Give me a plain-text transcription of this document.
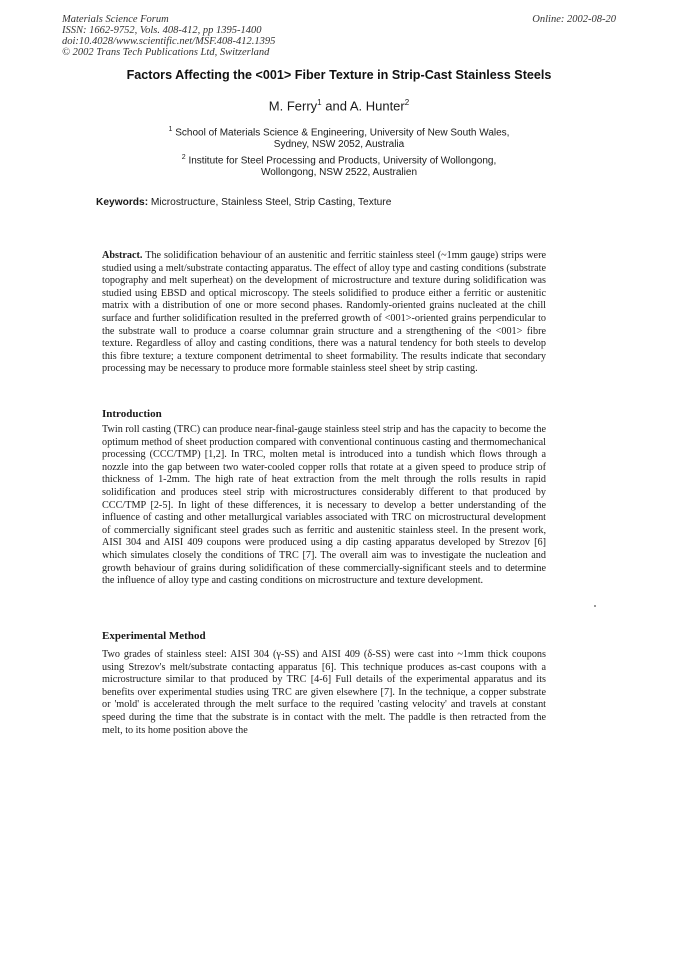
Materials Science Forum
ISSN: 1662-9752, Vols. 408-412, pp 1395-1400
doi:10.4028/www.scientific.net/MSF.408-412.1395
© 2002 Trans Tech Publications Ltd, Switzerland
Online: 2002-08-20
Factors Affecting the <001> Fiber Texture in Strip-Cast Stainless Steels
M. Ferry$^1$ and A. Hunter$^2$
$^1$ School of Materials Science & Engineering, University of New South Wales,
Sydney, NSW 2052, Australia
$^2$ Institute for Steel Processing and Products, University of Wollongong,
Wollongong, NSW 2522, Australien
Keywords: Microstructure, Stainless Steel, Strip Casting, Texture
Abstract. The solidification behaviour of an austenitic and ferritic stainless steel (~1mm gauge) strips were studied using a melt/substrate contacting apparatus. The effect of alloy type and casting conditions (substrate topography and melt superheat) on the development of microstructure and texture during solidification was studied using EBSD and optical microscopy. The steels solidified to produce either a ferritic or austenitic matrix with a distribution of one or more second phases. Randomly-oriented grains nucleated at the chill surface and further solidification resulted in the preferred growth of <001>-oriented grains perpendicular to the substrate wall to produce a coarse columnar grain structure and a strengthening of the <001> fibre texture. Regardless of alloy and casting conditions, there was a natural tendency for both steels to develop this fibre texture; a texture component detrimental to sheet formability. The results indicate that secondary processing may be necessary to produce more formable stainless steel sheet by strip casting.
Introduction
Twin roll casting (TRC) can produce near-final-gauge stainless steel strip and has the capacity to become the optimum method of sheet production compared with conventional continuous casting and thermomechanical processing (CCC/TMP) [1,2]. In TRC, molten metal is introduced into a tundish which flows through a nozzle into the gap between two water-cooled copper rolls that rotate at a given speed to produce strip of thickness of 1-2mm. The high rate of heat extraction from the melt through the rolls results in rapid solidification and produces steel strip with microstructures considerably different to that produced by CCC/TMP [2-5]. In light of these differences, it is necessary to develop a better understanding of the influence of casting and other metallurgical variables associated with TRC on microstructural development of commercially significant steel grades such as ferritic and austenitic stainless steel. In the present work, AISI 304 and AISI 409 coupons were produced using a dip casting apparatus developed by Strezov [6] which simulates closely the conditions of TRC [7]. The overall aim was to investigate the nucleation and growth behaviour of grains during solidification of these commercially-significant steels and to determine the influence of alloy type and casting conditions on microstructure and texture development.
Experimental Method
Two grades of stainless steel: AISI 304 (γ-SS) and AISI 409 (δ-SS) were cast into ~1mm thick coupons using Strezov's melt/substrate contacting apparatus [6]. This technique produces as-cast coupons with a microstructure similar to that produced by TRC [4-6] Full details of the experimental apparatus and its benefits over experimental studies using TRC are given elsewhere [7]. In the technique, a copper substrate or 'mold' is accelerated through the melt surface to the required 'casting velocity' and travels at constant speed during the time that the substrate is in contact with the melt. The paddle is then retracted from the melt, to its home position above the
